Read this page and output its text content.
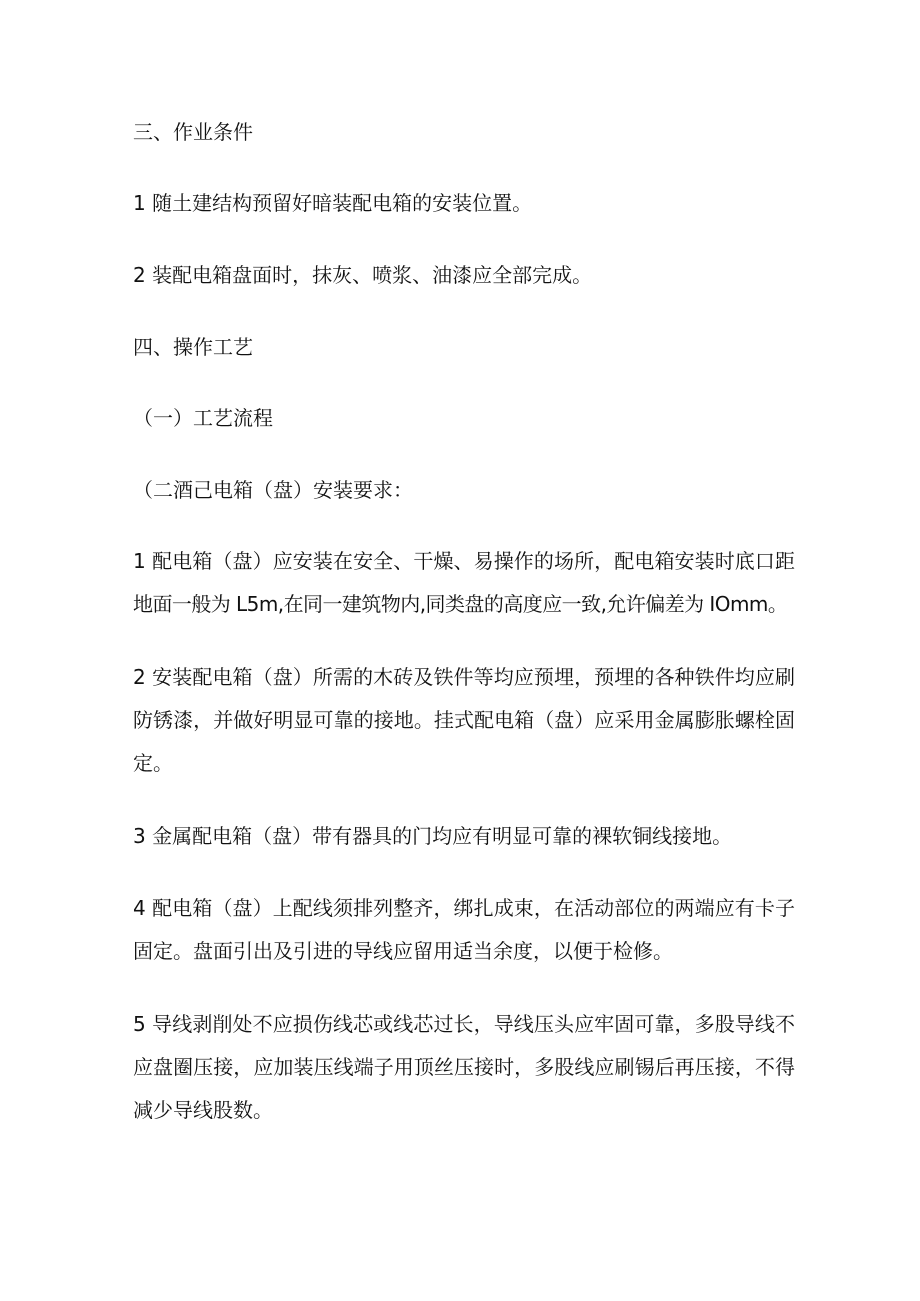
三、作业条件

1 随土建结构预留好暗装配电箱的安装位置。

2 装配电箱盘面时，抹灰、喷浆、油漆应全部完成。

四、操作工艺

（一）工艺流程

（二酒己电箱（盘）安装要求：

1 配电箱（盘）应安装在安全、干燥、易操作的场所，配电箱安装时底口距
地面一般为 L5m,在同一建筑物内,同类盘的高度应一致,允许偏差为 IOmm。

2 安装配电箱（盘）所需的木砖及铁件等均应预埋，预埋的各种铁件均应刷
防锈漆，并做好明显可靠的接地。挂式配电箱（盘）应采用金属膨胀螺栓固
定。

3 金属配电箱（盘）带有器具的门均应有明显可靠的裸软铜线接地。

4 配电箱（盘）上配线须排列整齐，绑扎成束，在活动部位的两端应有卡子
固定。盘面引出及引进的导线应留用适当余度，以便于检修。

5 导线剥削处不应损伤线芯或线芯过长，导线压头应牢固可靠，多股导线不
应盘圈压接，应加装压线端子用顶丝压接时，多股线应刷锡后再压接，不得
减少导线股数。
